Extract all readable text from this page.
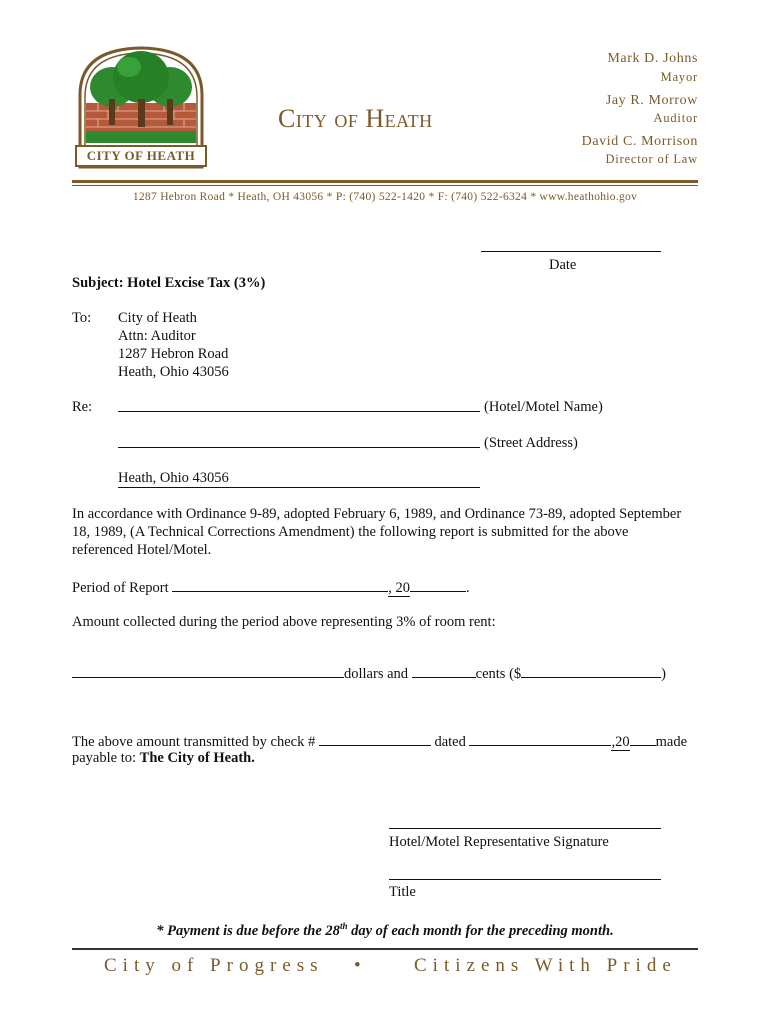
CITY OF HEATH
City of Heath
Mark D. Johns
Mayor
Jay R. Morrow
Auditor
David C. Morrison
Director of Law
1287 Hebron Road * Heath, OH 43056 * P: (740) 522-1420 * F: (740) 522-6324 * www.heathohio.gov
Date
Subject: Hotel Excise Tax (3%)
To: City of Heath
Attn: Auditor
1287 Hebron Road
Heath, Ohio 43056
Re:	(Hotel/Motel Name)
(Street Address)
Heath, Ohio 43056
In accordance with Ordinance 9-89, adopted February 6, 1989, and Ordinance 73-89, adopted September
18, 1989, (A Technical Corrections Amendment) the following report is submitted for the above
referenced Hotel/Motel.
Period of Report	, 20	.
Amount collected during the period above representing 3% of room rent:
dollars and	cents ($	)
The above amount transmitted by check #	dated	,20 made
payable to: The City of Heath.
Hotel/Motel Representative Signature
Title
* Payment is due before the 28th day of each month for the preceding month.
City of Progress •	Citizens With Pride
